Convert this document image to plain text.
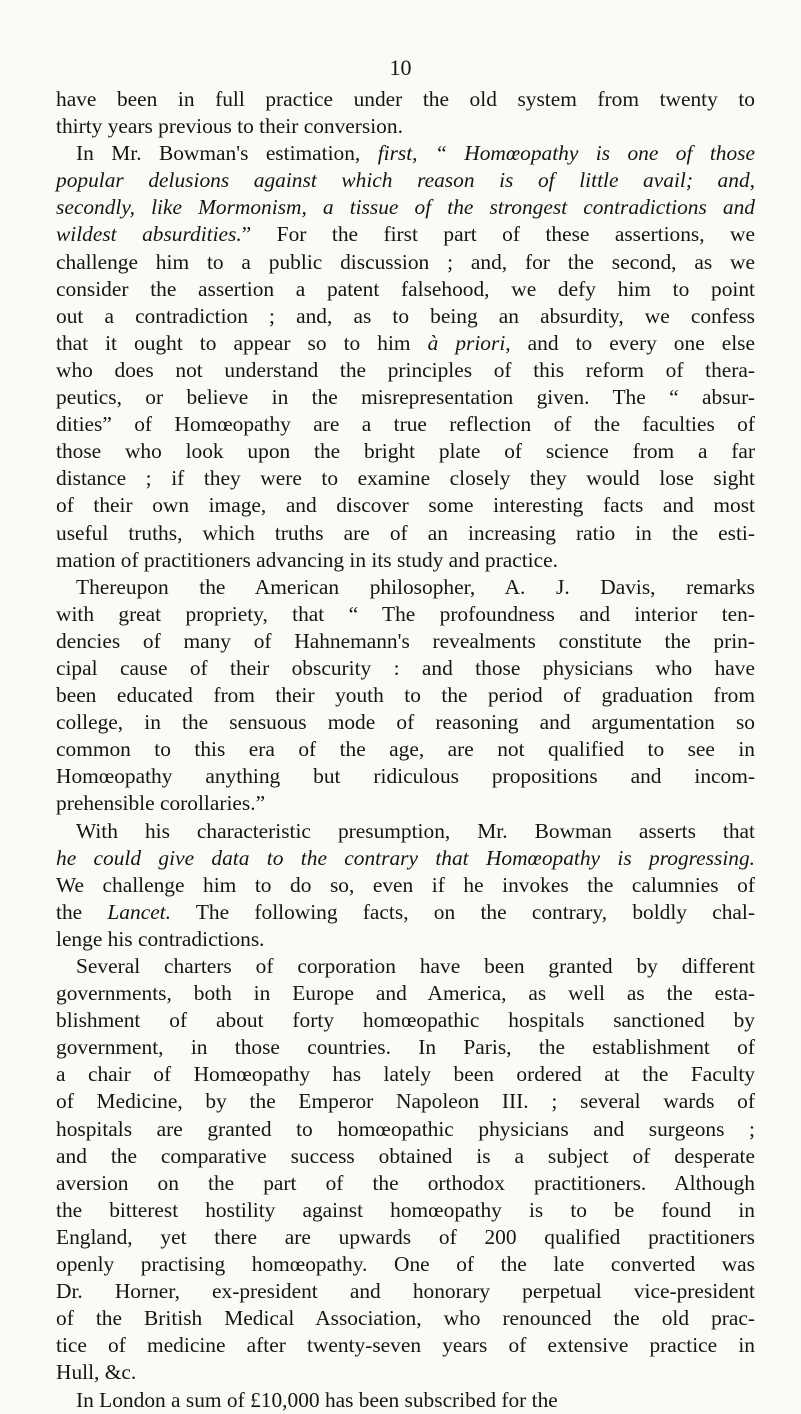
10
have been in full practice under the old system from twenty to
thirty years previous to their conversion.
In Mr. Bowman's estimation, first, “ Homœopathy is one of those
popular delusions against which reason is of little avail; and,
secondly, like Mormonism, a tissue of the strongest contradictions and
wildest absurdities.” For the first part of these assertions, we
challenge him to a public discussion ; and, for the second, as we
consider the assertion a patent falsehood, we defy him to point
out a contradiction ; and, as to being an absurdity, we confess
that it ought to appear so to him à priori, and to every one else
who does not understand the principles of this reform of thera-
peutics, or believe in the misrepresentation given. The “ absur-
dities” of Homœopathy are a true reflection of the faculties of
those who look upon the bright plate of science from a far
distance ; if they were to examine closely they would lose sight
of their own image, and discover some interesting facts and most
useful truths, which truths are of an increasing ratio in the esti-
mation of practitioners advancing in its study and practice.
Thereupon the American philosopher, A. J. Davis, remarks
with great propriety, that “ The profoundness and interior ten-
dencies of many of Hahnemann's revealments constitute the prin-
cipal cause of their obscurity : and those physicians who have
been educated from their youth to the period of graduation from
college, in the sensuous mode of reasoning and argumentation so
common to this era of the age, are not qualified to see in
Homœopathy anything but ridiculous propositions and incom-
prehensible corollaries.”
With his characteristic presumption, Mr. Bowman asserts that
he could give data to the contrary that Homœopathy is progressing.
We challenge him to do so, even if he invokes the calumnies of
the Lancet. The following facts, on the contrary, boldly chal-
lenge his contradictions.
Several charters of corporation have been granted by different
governments, both in Europe and America, as well as the esta-
blishment of about forty homœopathic hospitals sanctioned by
government, in those countries. In Paris, the establishment of
a chair of Homœopathy has lately been ordered at the Faculty
of Medicine, by the Emperor Napoleon III. ; several wards of
hospitals are granted to homœopathic physicians and surgeons ;
and the comparative success obtained is a subject of desperate
aversion on the part of the orthodox practitioners. Although
the bitterest hostility against homœopathy is to be found in
England, yet there are upwards of 200 qualified practitioners
openly practising homœopathy. One of the late converted was
Dr. Horner, ex-president and honorary perpetual vice-president
of the British Medical Association, who renounced the old prac-
tice of medicine after twenty-seven years of extensive practice in
Hull, &c.
In London a sum of £10,000 has been subscribed for the
